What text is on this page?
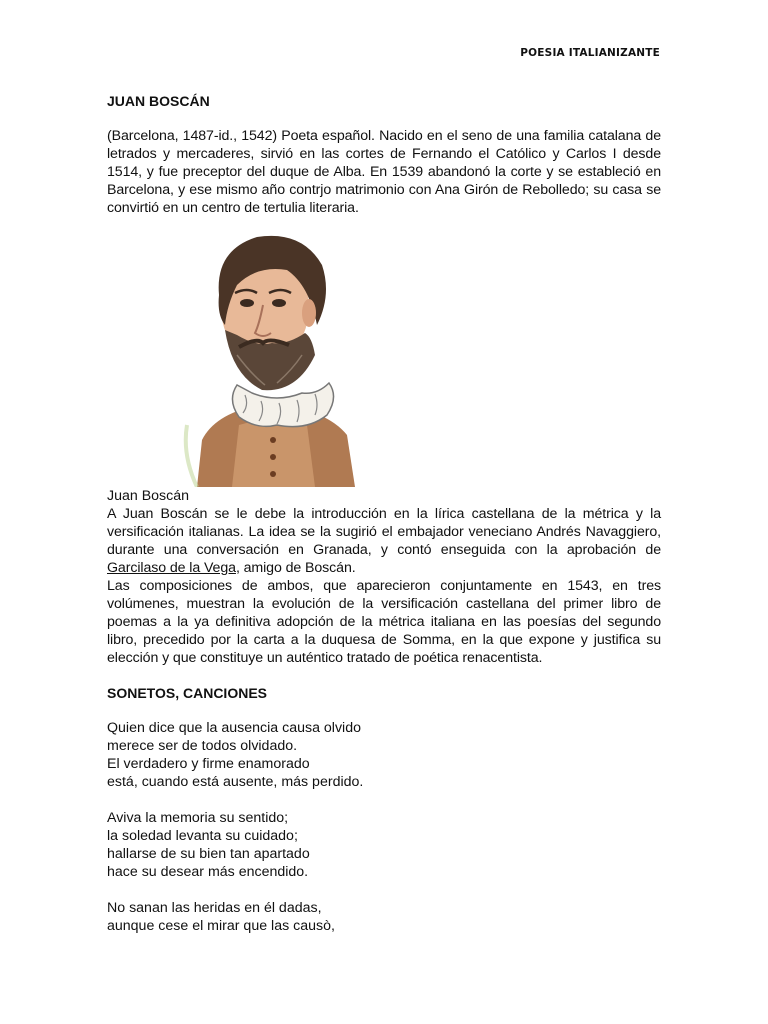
POESIA ITALIANIZANTE
JUAN BOSCÁN

(Barcelona, 1487-id., 1542) Poeta español. Nacido en el seno de una familia catalana de letrados y mercaderes, sirvió en las cortes de Fernando el Católico y Carlos I desde 1514, y fue preceptor del duque de Alba. En 1539 abandonó la corte y se estableció en Barcelona, y ese mismo año contrjo matrimonio con Ana Girón de Rebolledo; su casa se convirtió en un centro de tertulia literaria.

Juan Boscán

A Juan Boscán se le debe la introducción en la lírica castellana de la métrica y la versificación italianas. La idea se la sugirió el embajador veneciano Andrés Navaggiero, durante una conversación en Granada, y contó enseguida con la aprobación de Garcilaso de la Vega, amigo de Boscán.

Las composiciones de ambos, que aparecieron conjuntamente en 1543, en tres volúmenes, muestran la evolución de la versificación castellana del primer libro de poemas a la ya definitiva adopción de la métrica italiana en las poesías del segundo libro, precedido por la carta a la duquesa de Somma, en la que expone y justifica su elección y que constituye un auténtico tratado de poética renacentista.

SONETOS, CANCIONES
Quien dice que la ausencia causa olvido
merece ser de todos olvidado.
El verdadero y firme enamorado
está, cuando está ausente, más perdido.
Aviva la memoria su sentido;
la soledad levanta su cuidado;
hallarse de su bien tan apartado
hace su desear más encendido.
No sanan las heridas en él dadas,
aunque cese el mirar que las causò,
